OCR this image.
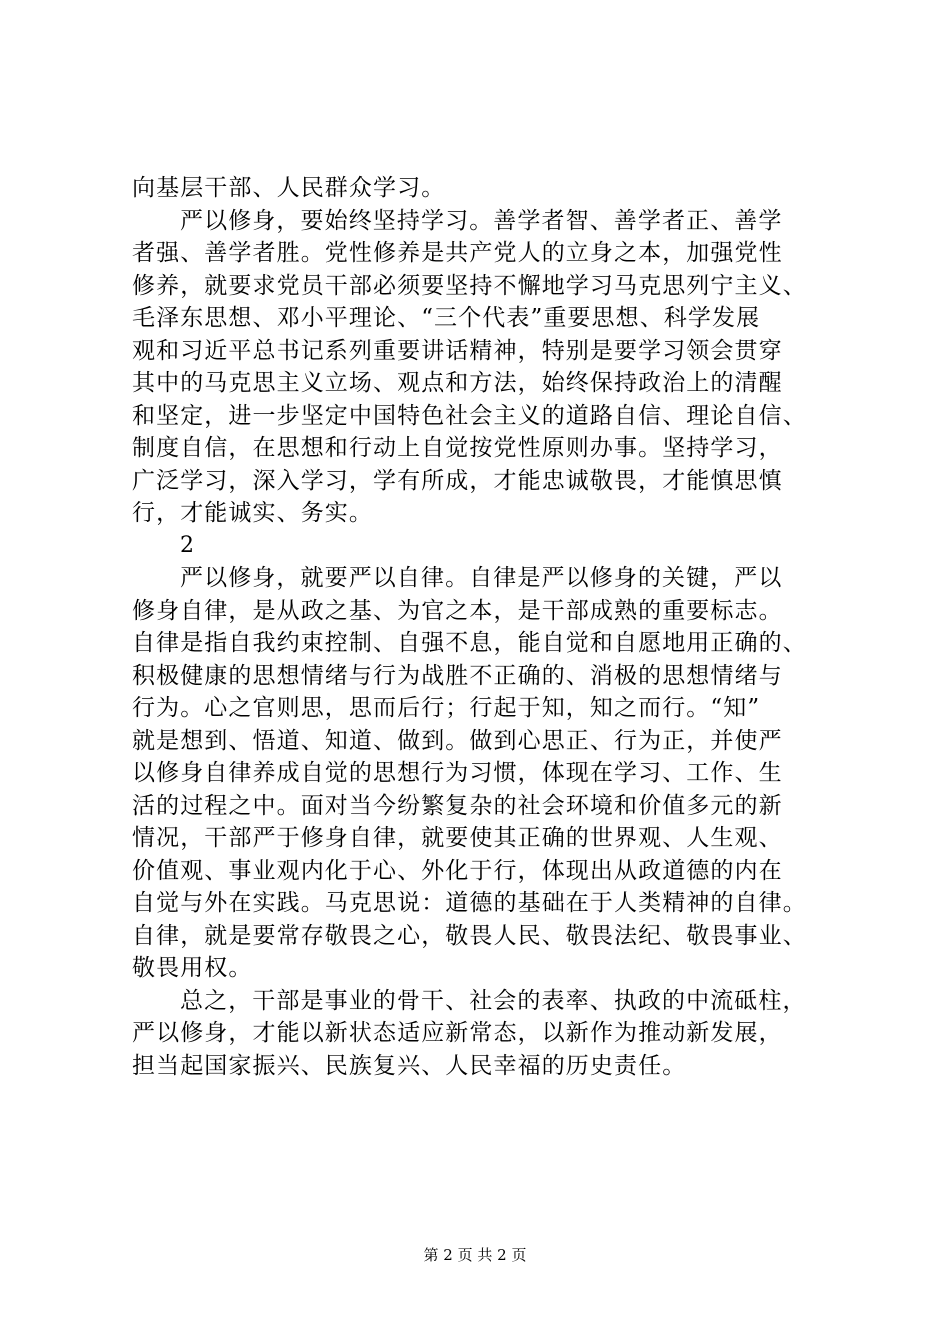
向基层干部、人民群众学习。
严以修身，要始终坚持学习。善学者智、善学者正、善学
者强、善学者胜。党性修养是共产党人的立身之本，加强党性
修养，就要求党员干部必须要坚持不懈地学习马克思列宁主义、
毛泽东思想、邓小平理论、“三个代表”重要思想、科学发展
观和习近平总书记系列重要讲话精神，特别是要学习领会贯穿
其中的马克思主义立场、观点和方法，始终保持政治上的清醒
和坚定，进一步坚定中国特色社会主义的道路自信、理论自信、
制度自信，在思想和行动上自觉按党性原则办事。坚持学习，
广泛学习，深入学习，学有所成，才能忠诚敬畏，才能慎思慎
行，才能诚实、务实。
2
严以修身，就要严以自律。自律是严以修身的关键，严以
修身自律，是从政之基、为官之本，是干部成熟的重要标志。
自律是指自我约束控制、自强不息，能自觉和自愿地用正确的、
积极健康的思想情绪与行为战胜不正确的、消极的思想情绪与
行为。心之官则思，思而后行；行起于知，知之而行。“知”
就是想到、悟道、知道、做到。做到心思正、行为正，并使严
以修身自律养成自觉的思想行为习惯，体现在学习、工作、生
活的过程之中。面对当今纷繁复杂的社会环境和价值多元的新
情况，干部严于修身自律，就要使其正确的世界观、人生观、
价值观、事业观内化于心、外化于行，体现出从政道德的内在
自觉与外在实践。马克思说：道德的基础在于人类精神的自律。
自律，就是要常存敬畏之心，敬畏人民、敬畏法纪、敬畏事业、
敬畏用权。
总之，干部是事业的骨干、社会的表率、执政的中流砥柱，
严以修身，才能以新状态适应新常态，以新作为推动新发展，
担当起国家振兴、民族复兴、人民幸福的历史责任。
第 2 页 共 2 页
